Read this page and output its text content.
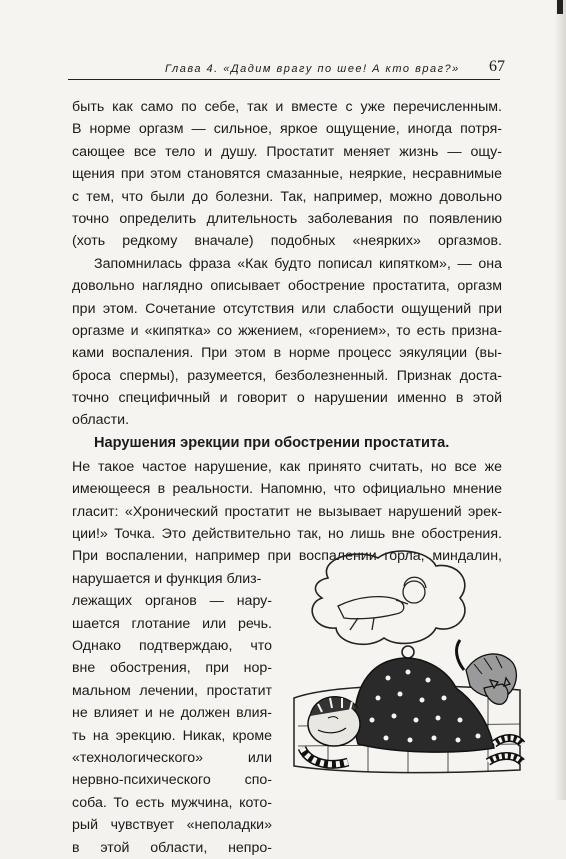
Глава 4. «Дадим врагу по шее! А кто враг?» 67
быть как само по себе, так и вместе с уже перечисленным.
В норме оргазм — сильное, яркое ощущение, иногда потря-
сающее все тело и душу. Простатит меняет жизнь — ощу-
щения при этом становятся смазанные, неяркие, несравнимые
с тем, что были до болезни. Так, например, можно довольно
точно определить длительность заболевания по появлению
(хоть редкому вначале) подобных «неярких» оргазмов.
Запомнилась фраза «Как будто пописал кипятком», — она
довольно наглядно описывает обострение простатита, оргазм
при этом. Сочетание отсутствия или слабости ощущений при
оргазме и «кипятка» со жжением, «горением», то есть призна-
ками воспаления. При этом в норме процесс эякуляции (вы-
броса спермы), разумеется, безболезненный. Признак доста-
точно специфичный и говорит о нарушении именно в этой
области.
Нарушения эрекции при обострении простатита.
Не такое частое нарушение, как принято считать, но все же
имеющееся в реальности. Напомню, что официально мнение
гласит: «Хронический простатит не вызывает нарушений эрек-
ции!» Точка. Это действительно так, но лишь вне обострения.
При воспалении, например при воспалении горла, миндалин,
нарушается и функция близ-
лежащих органов — нару-
шается глотание или речь.
Однако подтверждаю, что
вне обострения, при нор-
мальном лечении, простатит
не влияет и не должен влия-
ть на эрекцию. Никак, кроме
«технологического» или
нервно-психического спо-
соба. То есть мужчина, кото-
рый чувствует «неполадки»
в этой области, непро-
